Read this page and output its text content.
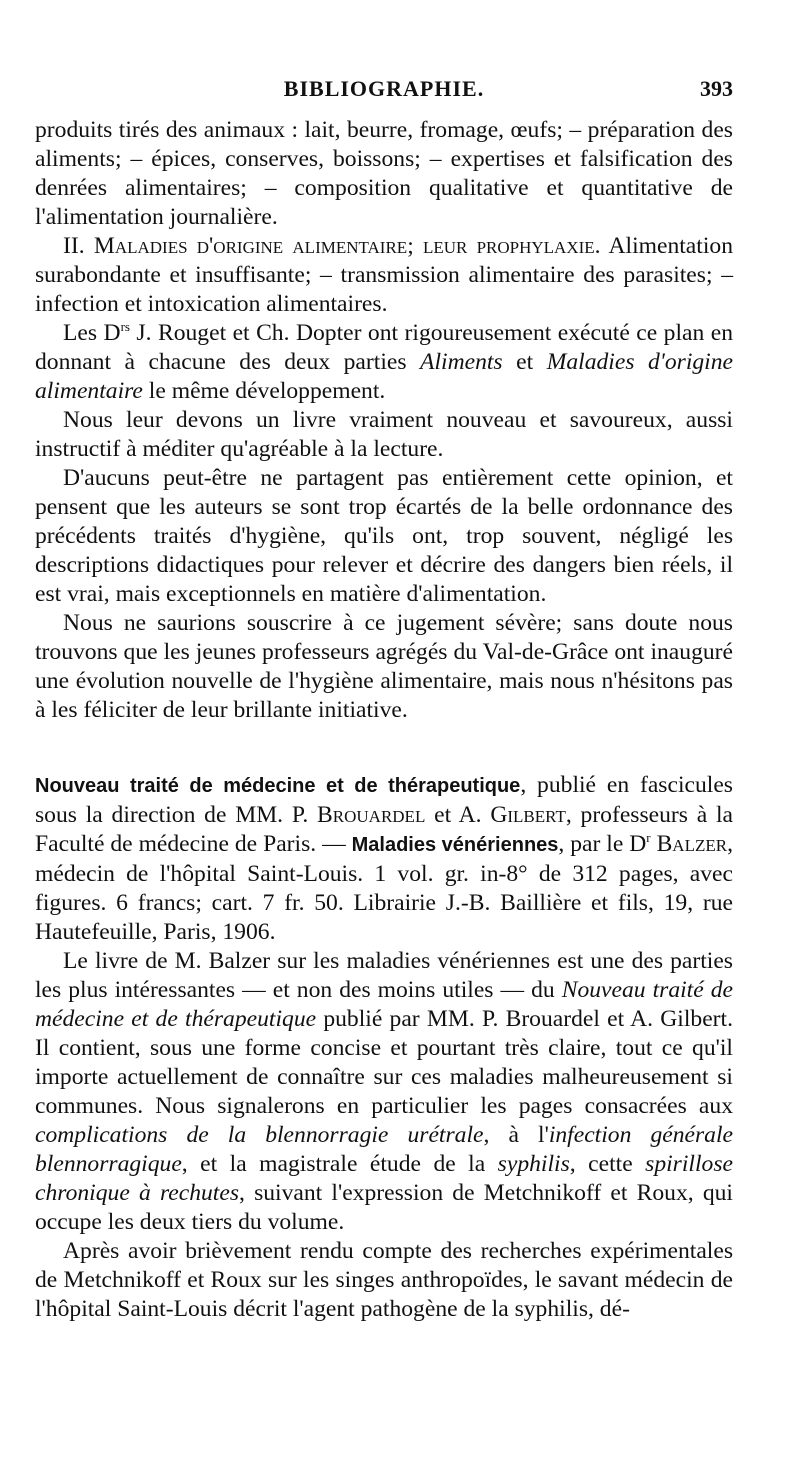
BIBLIOGRAPHIE.	393

produits tirés des animaux : lait, beurre, fromage, œufs; – préparation des aliments; – épices, conserves, boissons; – expertises et falsification des denrées alimentaires; – composition qualitative et quantitative de l'alimentation journalière.

II. Maladies d'origine alimentaire; leur prophylaxie. Alimentation surabondante et insuffisante; – transmission alimentaire des parasites; – infection et intoxication alimentaires.

Les $D^{rs}$ J. Rouget et Ch. Dopter ont rigoureusement exécuté ce plan en donnant à chacune des deux parties Aliments et Maladies d'origine alimentaire le même développement.

Nous leur devons un livre vraiment nouveau et savoureux, aussi instructif à méditer qu'agréable à la lecture.

D'aucuns peut-être ne partagent pas entièrement cette opinion, et pensent que les auteurs se sont trop écartés de la belle ordonnance des précédents traités d'hygiène, qu'ils ont, trop souvent, négligé les descriptions didactiques pour relever et décrire des dangers bien réels, il est vrai, mais exceptionnels en matière d'alimentation.

Nous ne saurions souscrire à ce jugement sévère; sans doute nous trouvons que les jeunes professeurs agrégés du Val-de-Grâce ont inauguré une évolution nouvelle de l'hygiène alimentaire, mais nous n'hésitons pas à les féliciter de leur brillante initiative.

Nouveau traité de médecine et de thérapeutique, publié en fascicules sous la direction de MM. P. Brouardel et A. Gilbert, professeurs à la Faculté de médecine de Paris. — Maladies vénériennes, par le $D^r$ Balzer, médecin de l'hôpital Saint-Louis. 1 vol. gr. in-8° de 312 pages, avec figures. 6 francs; cart. 7 fr. 50. Librairie J.-B. Baillière et fils, 19, rue Hautefeuille, Paris, 1906.

Le livre de M. Balzer sur les maladies vénériennes est une des parties les plus intéressantes — et non des moins utiles — du Nouveau traité de médecine et de thérapeutique publié par MM. P. Brouardel et A. Gilbert. Il contient, sous une forme concise et pourtant très claire, tout ce qu'il importe actuellement de connaître sur ces maladies malheureusement si communes. Nous signalerons en particulier les pages consacrées aux complications de la blennorragie urétrale, à l'infection générale blennorragique, et la magistrale étude de la syphilis, cette spirillose chronique à rechutes, suivant l'expression de Metchnikoff et Roux, qui occupe les deux tiers du volume.

Après avoir brièvement rendu compte des recherches expérimentales de Metchnikoff et Roux sur les singes anthropoïdes, le savant médecin de l'hôpital Saint-Louis décrit l'agent pathogène de la syphilis, dé-
